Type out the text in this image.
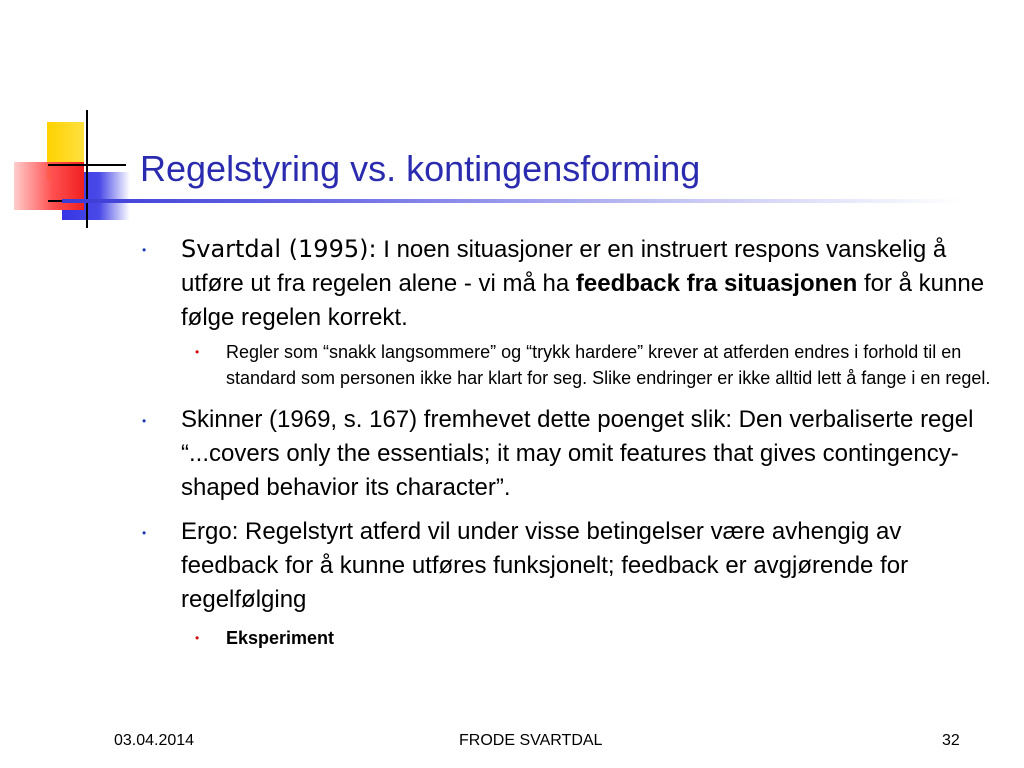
Regelstyring vs. kontingensforming
• Svartdal (1995): I noen situasjoner er en instruert respons vanskelig å utføre ut fra regelen alene - vi må ha feedback fra situasjonen for å kunne følge regelen korrekt.
• Regler som “snakk langsommere” og “trykk hardere” krever at atferden endres i forhold til en standard som personen ikke har klart for seg. Slike endringer er ikke alltid lett å fange i en regel.
• Skinner (1969, s. 167) fremhevet dette poenget slik: Den verbaliserte regel “...covers only the essentials; it may omit features that gives contingency-shaped behavior its character”.
• Ergo: Regelstyrt atferd vil under visse betingelser være avhengig av feedback for å kunne utføres funksjonelt; feedback er avgjørende for regelfølging
• Eksperiment
03.04.2014	FRODE SVARTDAL	32
